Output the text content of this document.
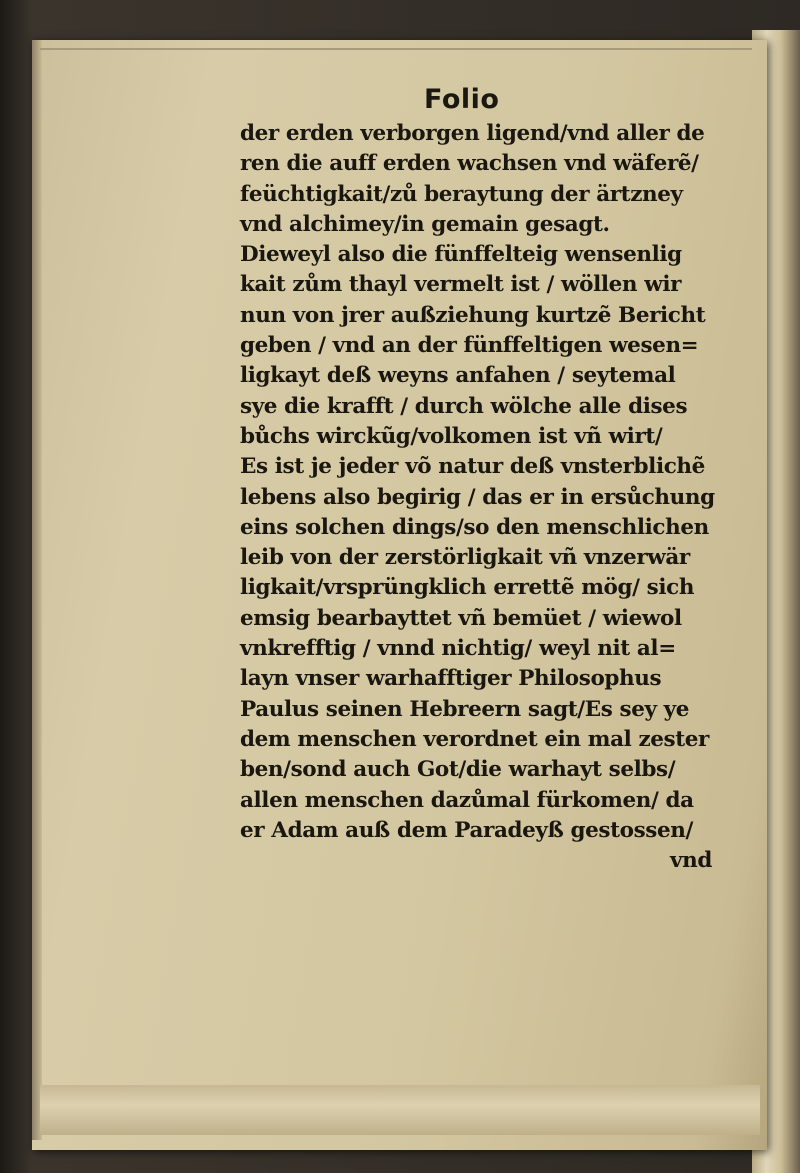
Folio
der erden verborgen ligend/vnd aller de
ren die auff erden wachsen vnd wäferẽ/
feüchtigkait/zů beraytung der ärtzney
vnd alchimey/in gemain gesagt.
Dieweyl also die fünffelteig wensenlig
kait zům thayl vermelt ist / wöllen wir
nun von jrer außziehung kurtzẽ Bericht
geben / vnd an der fünffeltigen wesen=
ligkayt deß weyns anfahen / seytemal
sye die krafft / durch wölche alle dises
bůchs wirckũg/volkomen ist vñ wirt/
Es ist je jeder võ natur deß vnsterblichẽ
lebens also begirig / das er in ersůchung
eins solchen dings/so den menschlichen
leib von der zerstörligkait vñ vnzerwär
ligkait/vrsprüngklich errettẽ mög/ sich
emsig bearbayttet vñ bemüet / wiewol
vnkrefftig / vnnd nichtig/ weyl nit al=
layn vnser warhafftiger Philosophus
Paulus seinen Hebreern sagt/Es sey ye
dem menschen verordnet ein mal zester
ben/sond auch Got/die warhayt selbs/
allen menschen dazůmal fürkomen/ da
er Adam auß dem Paradeyß gestossen/
vnd
